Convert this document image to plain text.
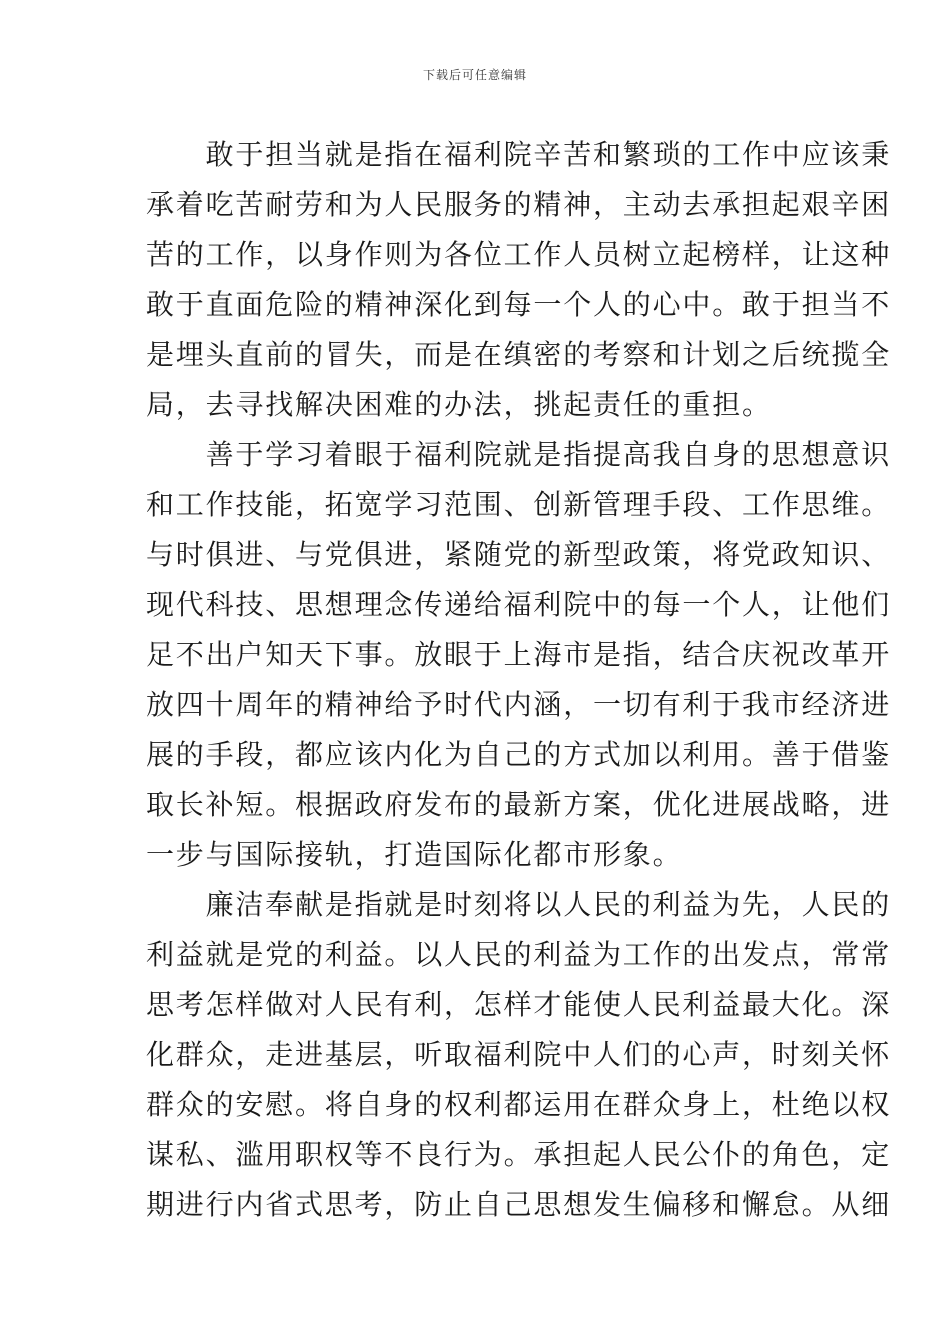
下载后可任意编辑
　　敢于担当就是指在福利院辛苦和繁琐的工作中应该秉
承着吃苦耐劳和为人民服务的精神，主动去承担起艰辛困
苦的工作，以身作则为各位工作人员树立起榜样，让这种
敢于直面危险的精神深化到每一个人的心中。敢于担当不
是埋头直前的冒失，而是在缜密的考察和计划之后统揽全
局，去寻找解决困难的办法，挑起责任的重担。
　　善于学习着眼于福利院就是指提高我自身的思想意识
和工作技能，拓宽学习范围、创新管理手段、工作思维。
与时俱进、与党俱进，紧随党的新型政策，将党政知识、
现代科技、思想理念传递给福利院中的每一个人，让他们
足不出户知天下事。放眼于上海市是指，结合庆祝改革开
放四十周年的精神给予时代内涵，一切有利于我市经济进
展的手段，都应该内化为自己的方式加以利用。善于借鉴
取长补短。根据政府发布的最新方案，优化进展战略，进
一步与国际接轨，打造国际化都市形象。
　　廉洁奉献是指就是时刻将以人民的利益为先，人民的
利益就是党的利益。以人民的利益为工作的出发点，常常
思考怎样做对人民有利，怎样才能使人民利益最大化。深
化群众，走进基层，听取福利院中人们的心声，时刻关怀
群众的安慰。将自身的权利都运用在群众身上，杜绝以权
谋私、滥用职权等不良行为。承担起人民公仆的角色，定
期进行内省式思考，防止自己思想发生偏移和懈怠。从细
